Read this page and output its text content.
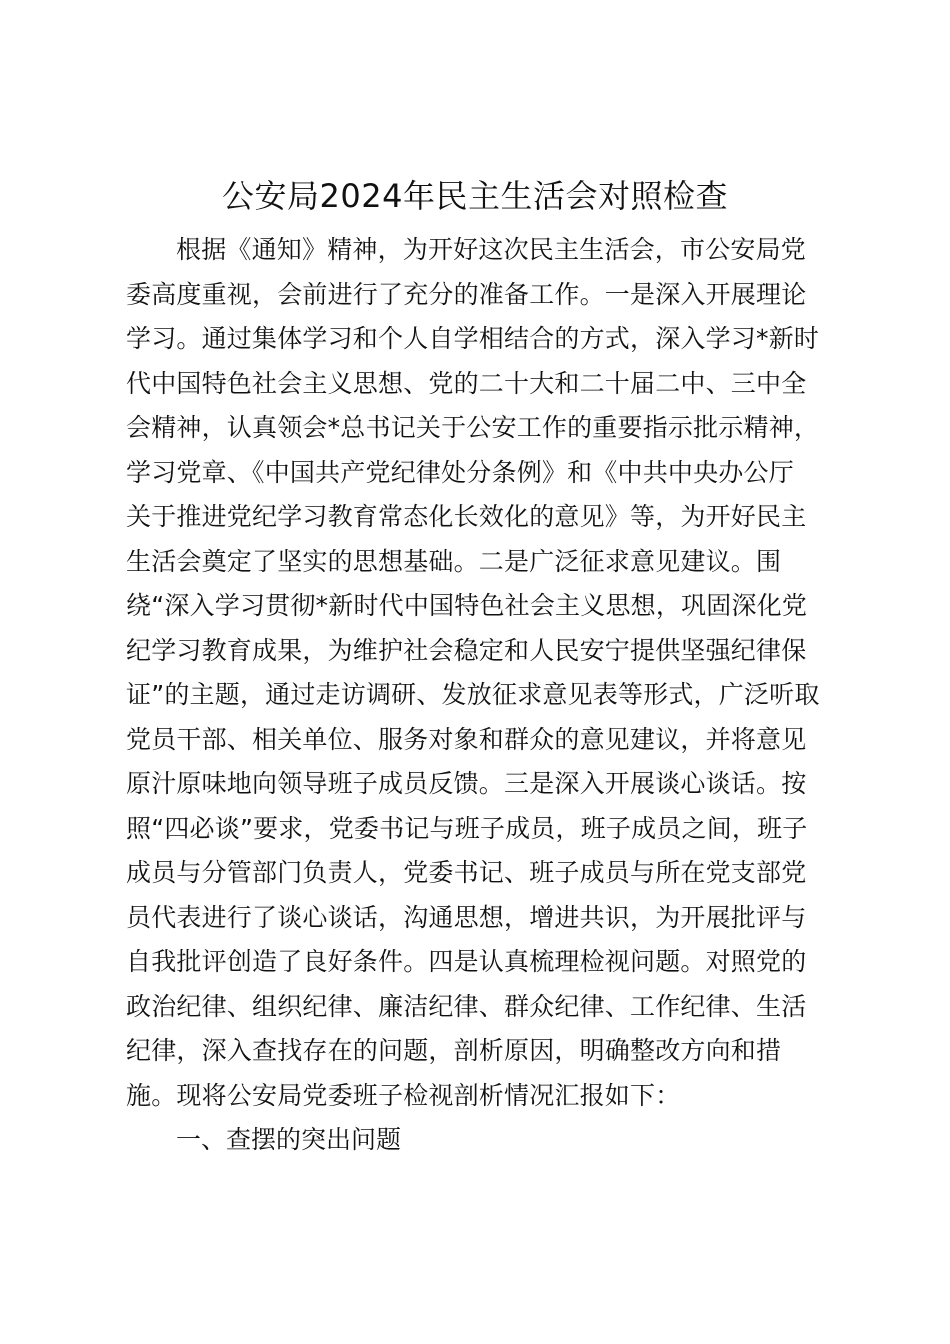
公安局2024年民主生活会对照检查
根据《通知》精神，为开好这次民主生活会，市公安局党
委高度重视，会前进行了充分的准备工作。一是深入开展理论
学习。通过集体学习和个人自学相结合的方式，深入学习*新时
代中国特色社会主义思想、党的二十大和二十届二中、三中全
会精神，认真领会*总书记关于公安工作的重要指示批示精神，
学习党章、《中国共产党纪律处分条例》和《中共中央办公厅
关于推进党纪学习教育常态化长效化的意见》等，为开好民主
生活会奠定了坚实的思想基础。二是广泛征求意见建议。围
绕“深入学习贯彻*新时代中国特色社会主义思想，巩固深化党
纪学习教育成果，为维护社会稳定和人民安宁提供坚强纪律保
证”的主题，通过走访调研、发放征求意见表等形式，广泛听取
党员干部、相关单位、服务对象和群众的意见建议，并将意见
原汁原味地向领导班子成员反馈。三是深入开展谈心谈话。按
照“四必谈”要求，党委书记与班子成员，班子成员之间，班子
成员与分管部门负责人，党委书记、班子成员与所在党支部党
员代表进行了谈心谈话，沟通思想，增进共识，为开展批评与
自我批评创造了良好条件。四是认真梳理检视问题。对照党的
政治纪律、组织纪律、廉洁纪律、群众纪律、工作纪律、生活
纪律，深入查找存在的问题，剖析原因，明确整改方向和措
施。现将公安局党委班子检视剖析情况汇报如下：
一、查摆的突出问题
